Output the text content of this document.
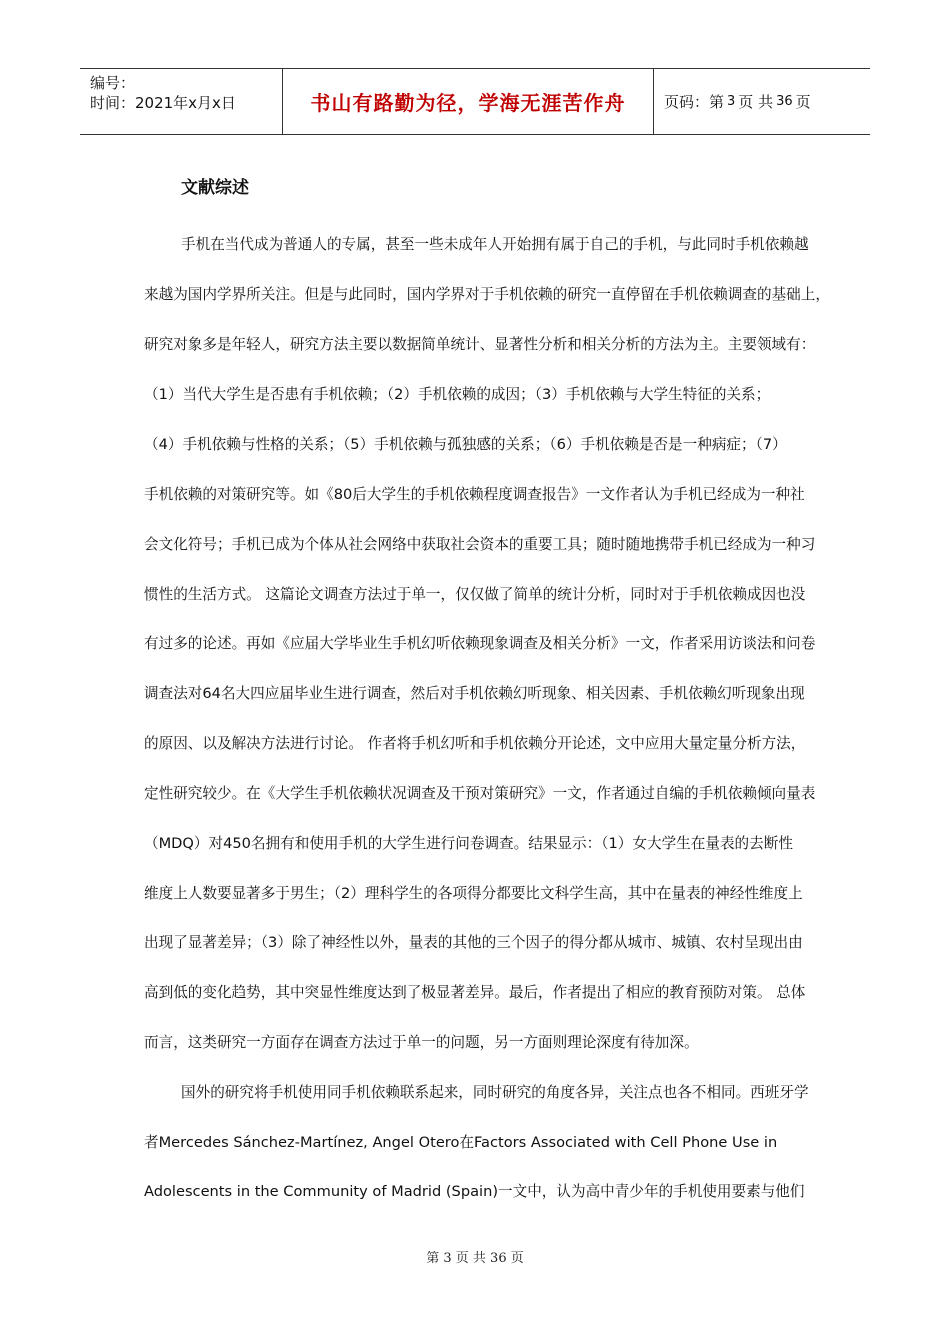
编号：
时间：2021年x月x日	书山有路勤为径，学海无涯苦作舟	页码：第 3 页 共 36 页
文献综述
手机在当代成为普通人的专属，甚至一些未成年人开始拥有属于自己的手机，与此同时手机依赖越
来越为国内学界所关注。但是与此同时，国内学界对于手机依赖的研究一直停留在手机依赖调查的基础上，
研究对象多是年轻人，研究方法主要以数据简单统计、显著性分析和相关分析的方法为主。主要领域有：
（1）当代大学生是否患有手机依赖；（2）手机依赖的成因；（3）手机依赖与大学生特征的关系；
（4）手机依赖与性格的关系；（5）手机依赖与孤独感的关系；（6）手机依赖是否是一种病症；（7）
手机依赖的对策研究等。如《80后大学生的手机依赖程度调查报告》一文作者认为手机已经成为一种社
会文化符号；手机已成为个体从社会网络中获取社会资本的重要工具；随时随地携带手机已经成为一种习
惯性的生活方式。 这篇论文调查方法过于单一，仅仅做了简单的统计分析，同时对于手机依赖成因也没
有过多的论述。再如《应届大学毕业生手机幻听依赖现象调查及相关分析》一文，作者采用访谈法和问卷
调查法对64名大四应届毕业生进行调查，然后对手机依赖幻听现象、相关因素、手机依赖幻听现象出现
的原因、以及解决方法进行讨论。 作者将手机幻听和手机依赖分开论述，文中应用大量定量分析方法，
定性研究较少。在《大学生手机依赖状况调查及干预对策研究》一文，作者通过自编的手机依赖倾向量表
（MDQ）对450名拥有和使用手机的大学生进行问卷调查。结果显示：（1）女大学生在量表的去断性
维度上人数要显著多于男生；（2）理科学生的各项得分都要比文科学生高，其中在量表的神经性维度上
出现了显著差异；（3）除了神经性以外，量表的其他的三个因子的得分都从城市、城镇、农村呈现出由
高到低的变化趋势，其中突显性维度达到了极显著差异。最后，作者提出了相应的教育预防对策。 总体
而言，这类研究一方面存在调查方法过于单一的问题，另一方面则理论深度有待加深。
国外的研究将手机使用同手机依赖联系起来，同时研究的角度各异，关注点也各不相同。西班牙学
者Mercedes Sánchez-Martínez, Angel Otero在Factors Associated with Cell Phone Use in
Adolescents in the Community of Madrid (Spain)一文中，认为高中青少年的手机使用要素与他们
第 3 页 共 36 页
